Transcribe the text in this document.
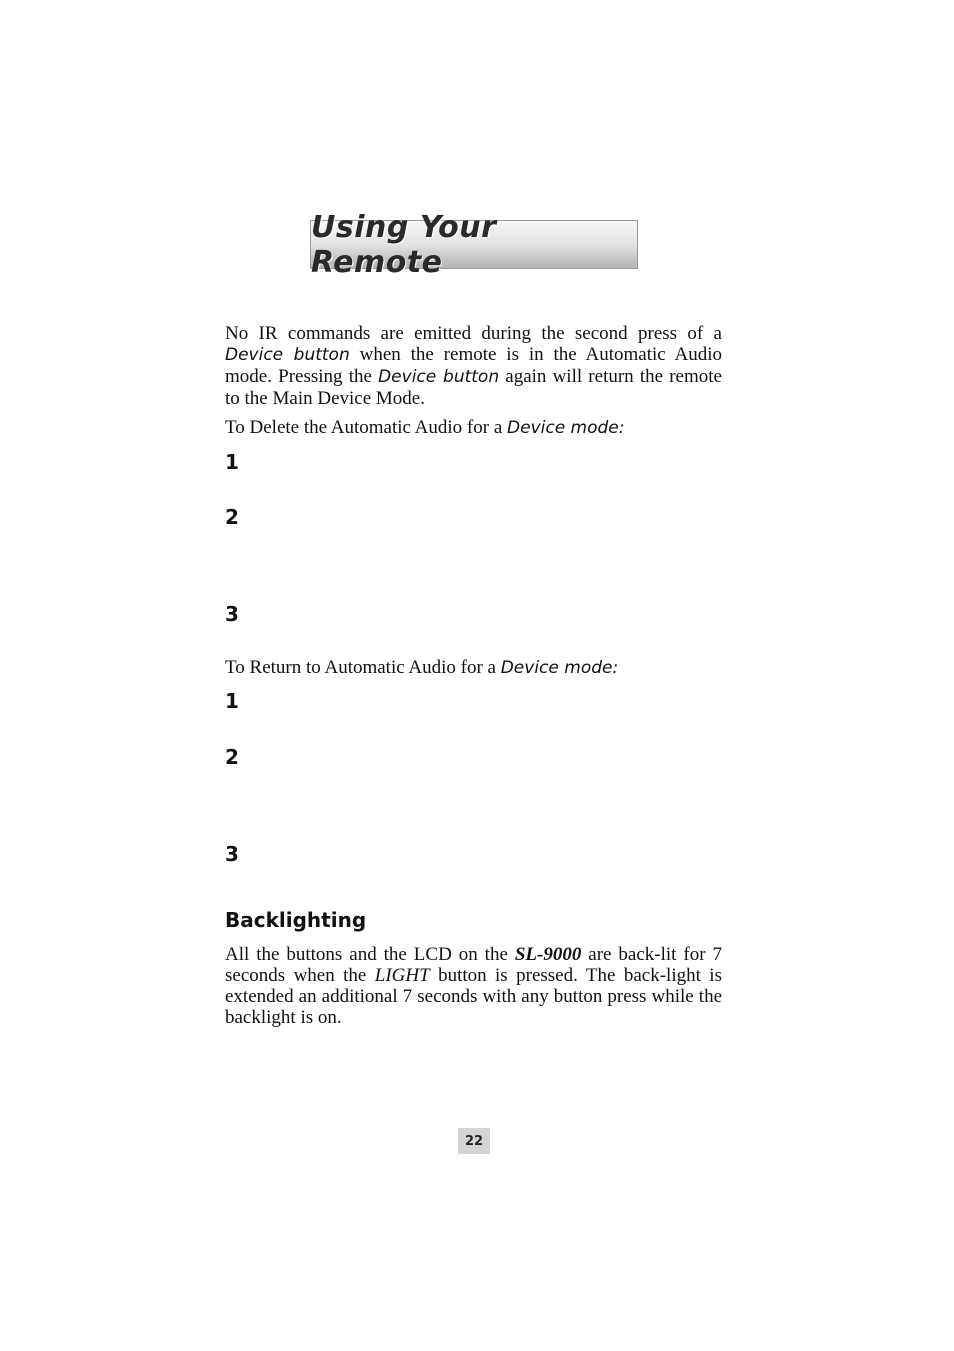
Using Your Remote

No IR commands are emitted during the second press of a Device button when the remote is in the Automatic Audio mode. Pressing the Device button again will return the remote to the Main Device Mode.

To Delete the Automatic Audio for a Device mode:

1
2
3

To Return to Automatic Audio for a Device mode:

1
2
3
Backlighting

All the buttons and the LCD on the SL-9000 are back-lit for 7 seconds when the LIGHT button is pressed. The back-light is extended an additional 7 seconds with any button press while the backlight is on.

22
